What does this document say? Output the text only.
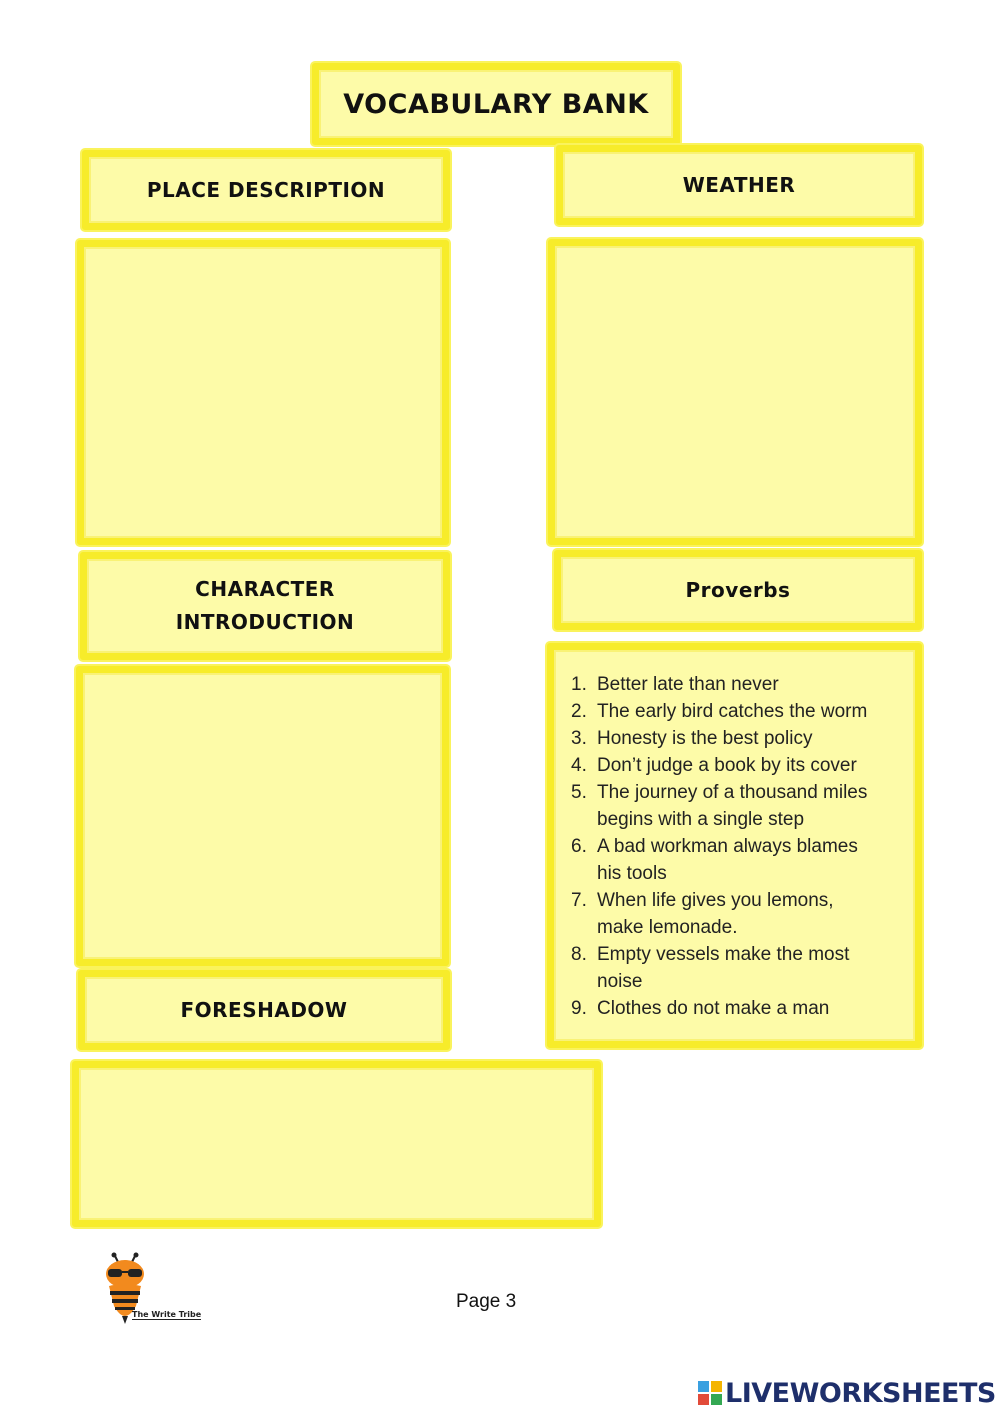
VOCABULARY BANK
PLACE DESCRIPTION	WEATHER
CHARACTER
INTRODUCTION
Proverbs
1. Better late than never
2. The early bird catches the worm
3. Honesty is the best policy
4. Don’t judge a book by its cover
5. The journey of a thousand miles
begins with a single step
6. A bad workman always blames
his tools
7. When life gives you lemons,
make lemonade.
8. Empty vessels make the most
noise
9. Clothes do not make a man
FORESHADOW
The Write Tribe
Page 3
LIVEWORKSHEETS
